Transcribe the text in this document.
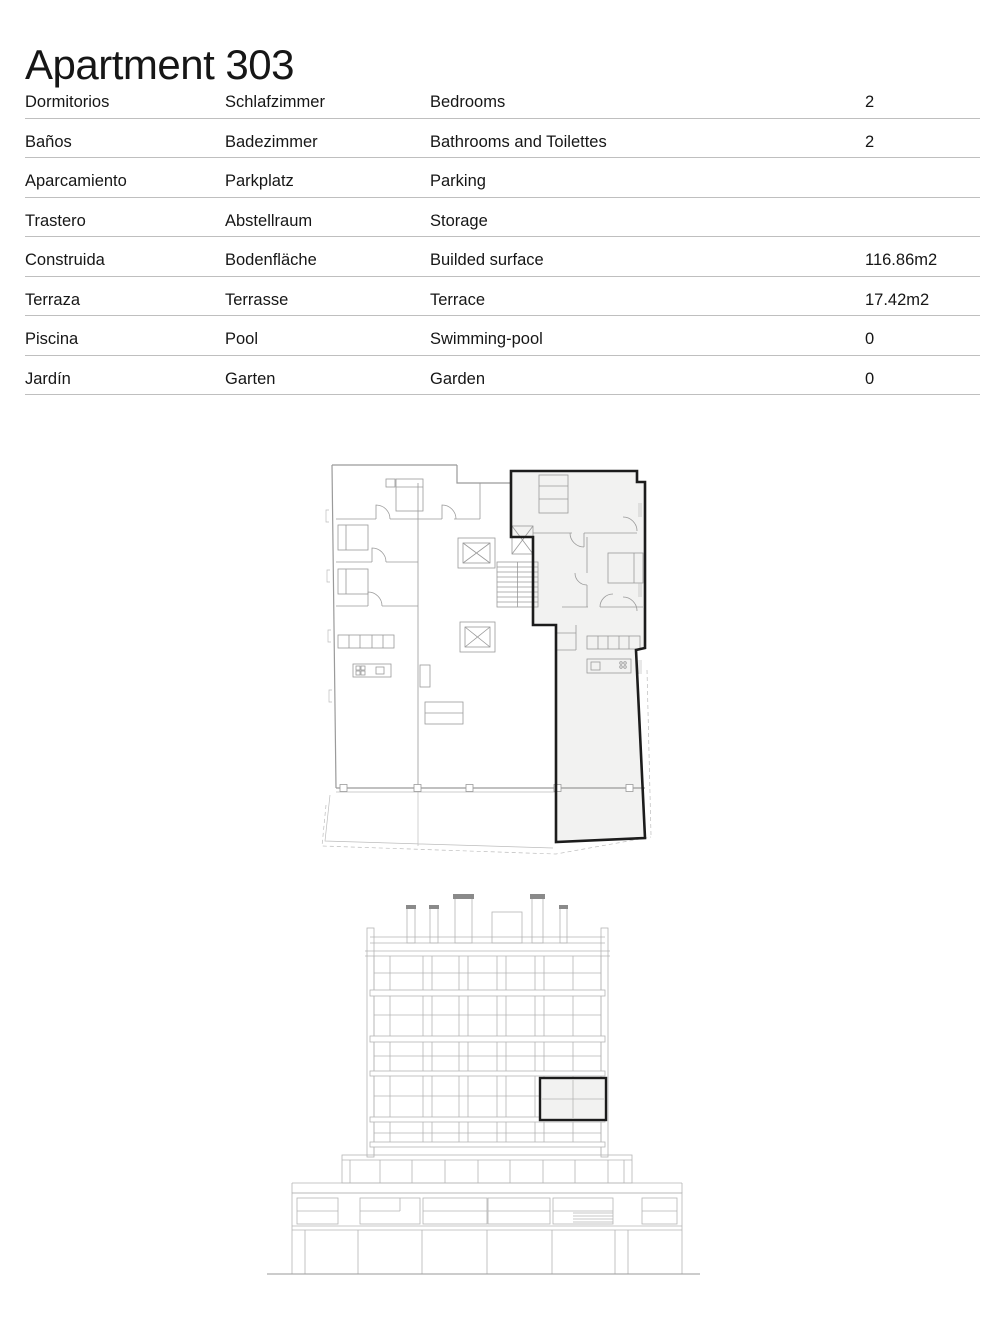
Apartment 303
Dormitorios	Schlafzimmer	Bedrooms	2
Baños	Badezimmer	Bathrooms and Toilettes	2
Aparcamiento	Parkplatz	Parking
Trastero	Abstellraum	Storage
Construida	Bodenfläche	Builded surface	116.86m2
Terraza	Terrasse	Terrace	17.42m2
Piscina	Pool	Swimming-pool	0
Jardín	Garten	Garden	0
